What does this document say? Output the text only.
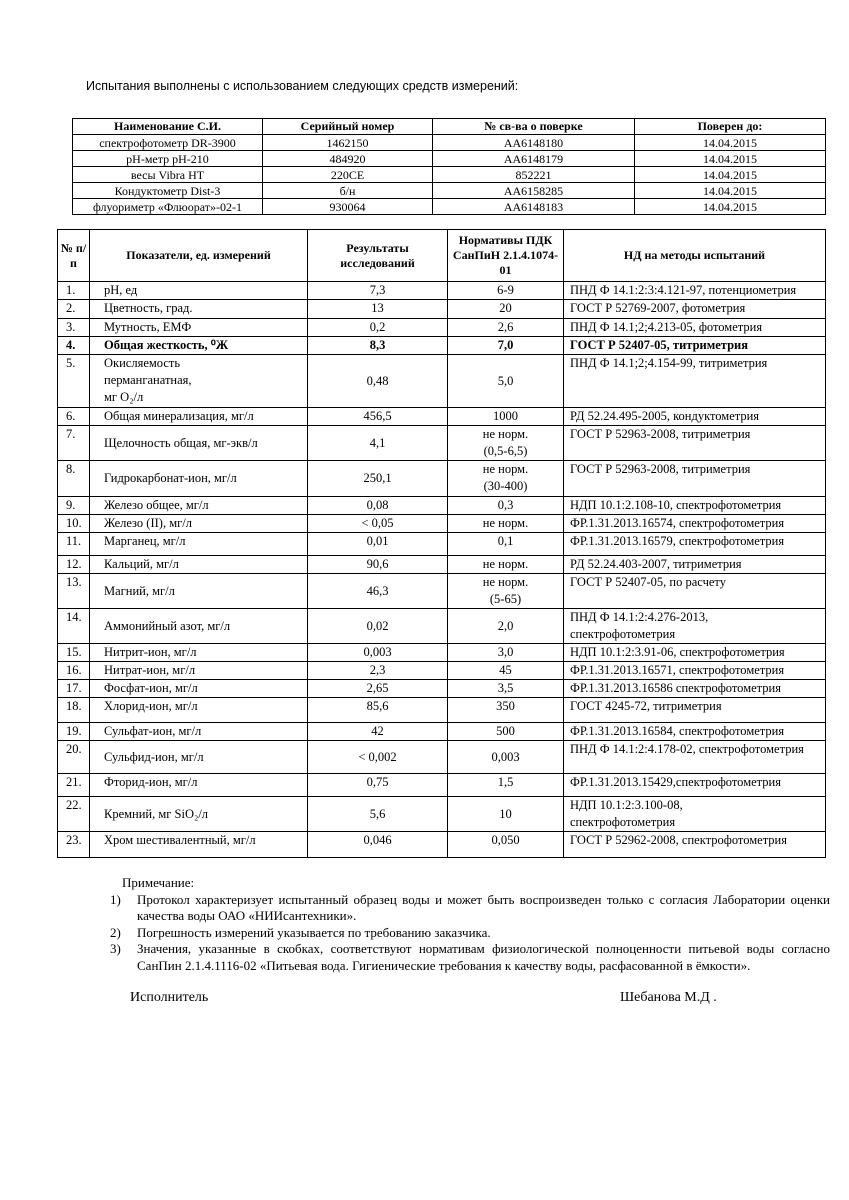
Испытания выполнены с использованием следующих средств измерений:
Наименование С.И.	Серийный номер	№ св-ва о поверке	Поверен до:
спектрофотометр DR-3900	1462150	АА6148180	14.04.2015
рН-метр рН-210	484920	АА6148179	14.04.2015
весы Vibra HT	220CE	852221	14.04.2015
Кондуктометр Dist-3	б/н	АА6158285	14.04.2015
флуориметр «Флюорат»-02-1	930064	АА6148183	14.04.2015
№ п/п	Показатели, ед. измерений	Результаты исследований	Нормативы ПДК СанПиН 2.1.4.1074-01	НД на методы испытаний
1.	pH, ед	7,3	6-9	ПНД Ф 14.1:2:3:4.121-97, потенциометрия
2.	Цветность, град.	13	20	ГОСТ Р 52769-2007, фотометрия
3.	Мутность, ЕМФ	0,2	2,6	ПНД Ф 14.1;2;4.213-05, фотометрия
4.	Общая жесткость, ⁰Ж	8,3	7,0	ГОСТ Р 52407-05, титриметрия
5.	Окисляемость
перманганатная,
мг O₂/л	0,48	5,0	ПНД Ф 14.1;2;4.154-99, титриметрия
6.	Общая минерализация, мг/л	456,5	1000	РД 52.24.495-2005, кондуктометрия
7.	Щелочность общая, мг-экв/л	4,1	не норм.
(0,5-6,5)	ГОСТ Р 52963-2008, титриметрия
8.	Гидрокарбонат-ион, мг/л	250,1	не норм.
(30-400)	ГОСТ Р 52963-2008, титриметрия
9.	Железо общее, мг/л	0,08	0,3	НДП 10.1:2.108-10, спектрофотометрия
10.	Железо (II), мг/л	< 0,05	не норм.	ФР.1.31.2013.16574, спектрофотометрия
11.	Марганец, мг/л	0,01	0,1	ФР.1.31.2013.16579, спектрофотометрия
12.	Кальций, мг/л	90,6	не норм.	РД 52.24.403-2007, титриметрия
13.	Магний, мг/л	46,3	не норм.
(5-65)	ГОСТ Р 52407-05, по расчету
14.	Аммонийный азот, мг/л	0,02	2,0	ПНД Ф 14.1:2:4.276-2013,
спектрофотометрия

15.	Нитрит-ион, мг/л	0,003	3,0	НДП 10.1:2:3.91-06, спектрофотометрия
16.	Нитрат-ион, мг/л	2,3	45	ФР.1.31.2013.16571, спектрофотометрия
17.	Фосфат-ион, мг/л	2,65	3,5	ФР.1.31.2013.16586 спектрофотометрия
18.	Хлорид-ион, мг/л	85,6	350	ГОСТ 4245-72, титриметрия
19.	Сульфат-ион, мг/л	42	500	ФР.1.31.2013.16584, спектрофотометрия
20.	Сульфид-ион, мг/л	< 0,002	0,003	ПНД Ф 14.1:2:4.178-02, спектрофотометрия
21.	Фторид-ион, мг/л	0,75	1,5	ФР.1.31.2013.15429,спектрофотометрия
22.	Кремний, мг SiO₂/л	5,6	10	НДП 10.1:2:3.100-08,
спектрофотометрия

23.	Хром шестивалентный, мг/л	0,046	0,050	ГОСТ Р 52962-2008, спектрофотометрия
Примечание:
1) Протокол характеризует испытанный образец воды и может быть воспроизведен только с согласия Лаборатории оценки качества воды ОАО «НИИсантехники».
2) Погрешность измерений указывается по требованию заказчика.
3) Значения, указанные в скобках, соответствуют нормативам физиологической полноценности питьевой воды согласно СанПин 2.1.4.1116-02 «Питьевая вода. Гигиенические требования к качеству воды, расфасованной в ёмкости».
Исполнитель	Шебанова М.Д .
